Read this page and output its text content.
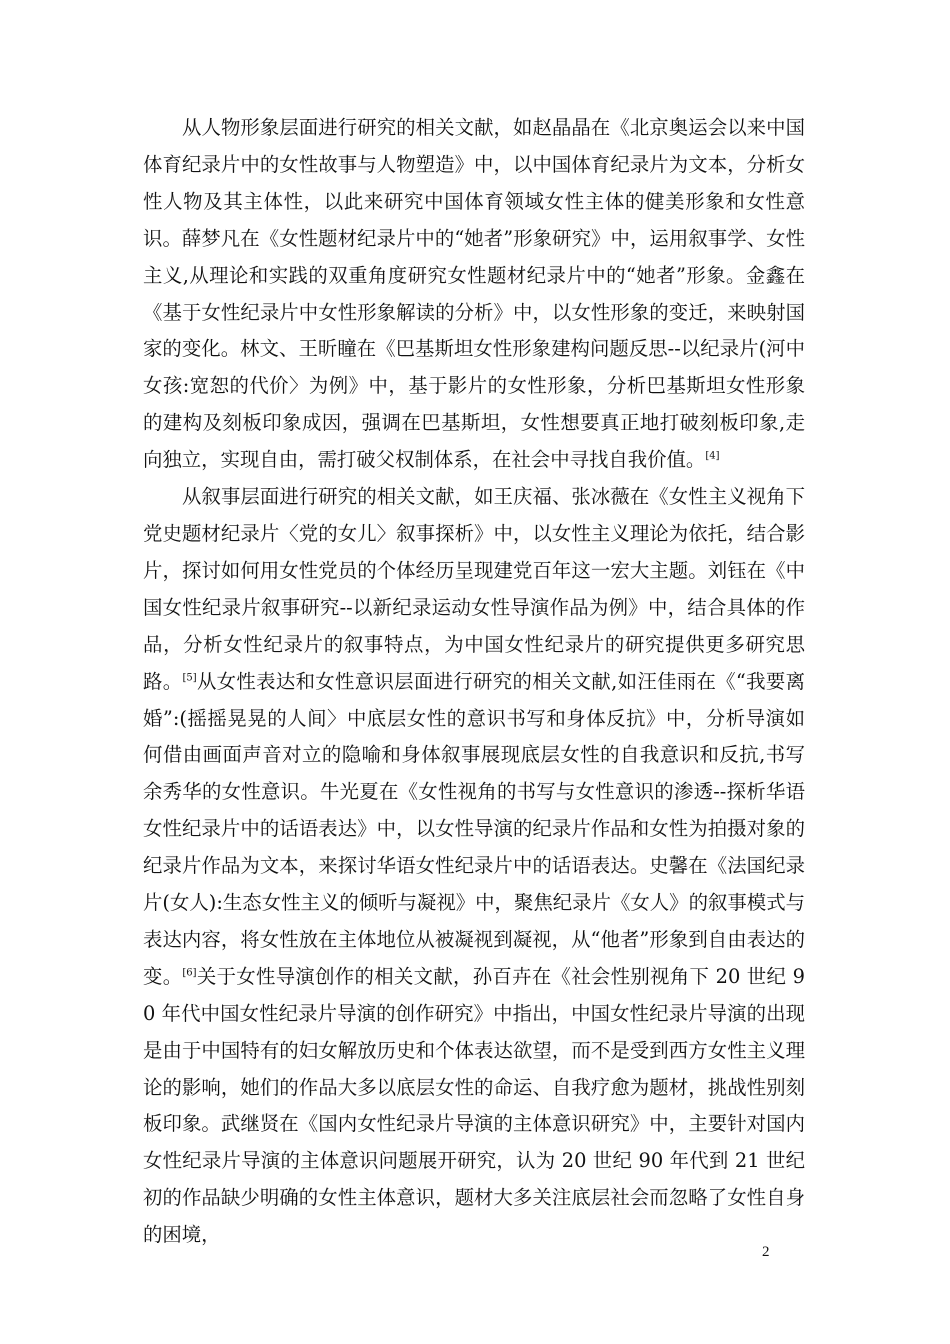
从人物形象层面进行研究的相关文献，如赵晶晶在《北京奥运会以来中国体育纪录片中的女性故事与人物塑造》中，以中国体育纪录片为文本，分析女性人物及其主体性，以此来研究中国体育领域女性主体的健美形象和女性意识。薛梦凡在《女性题材纪录片中的“她者”形象研究》中，运用叙事学、女性主义,从理论和实践的双重角度研究女性题材纪录片中的“她者”形象。金鑫在《基于女性纪录片中女性形象解读的分析》中，以女性形象的变迁，来映射国家的变化。林文、王昕瞳在《巴基斯坦女性形象建构问题反思--以纪录片(河中女孩:宽恕的代价〉为例》中，基于影片的女性形象，分析巴基斯坦女性形象的建构及刻板印象成因，强调在巴基斯坦，女性想要真正地打破刻板印象,走向独立，实现自由，需打破父权制体系，在社会中寻找自我价值。[4]

从叙事层面进行研究的相关文献，如王庆福、张冰薇在《女性主义视角下党史题材纪录片〈党的女儿〉叙事探析》中，以女性主义理论为依托，结合影片，探讨如何用女性党员的个体经历呈现建党百年这一宏大主题。刘钰在《中国女性纪录片叙事研究--以新纪录运动女性导演作品为例》中，结合具体的作品，分析女性纪录片的叙事特点，为中国女性纪录片的研究提供更多研究思路。[5]从女性表达和女性意识层面进行研究的相关文献,如汪佳雨在《“我要离婚”:(摇摇晃晃的人间〉中底层女性的意识书写和身体反抗》中，分析导演如何借由画面声音对立的隐喻和身体叙事展现底层女性的自我意识和反抗,书写余秀华的女性意识。牛光夏在《女性视角的书写与女性意识的渗透--探析华语女性纪录片中的话语表达》中，以女性导演的纪录片作品和女性为拍摄对象的纪录片作品为文本，来探讨华语女性纪录片中的话语表达。史馨在《法国纪录片(女人):生态女性主义的倾听与凝视》中，聚焦纪录片《女人》的叙事模式与表达内容，将女性放在主体地位从被凝视到凝视，从“他者”形象到自由表达的变。[6]关于女性导演创作的相关文献，孙百卉在《社会性别视角下 20 世纪 90 年代中国女性纪录片导演的创作研究》中指出，中国女性纪录片导演的出现是由于中国特有的妇女解放历史和个体表达欲望，而不是受到西方女性主义理论的影响，她们的作品大多以底层女性的命运、自我疗愈为题材，挑战性别刻板印象。武继贤在《国内女性纪录片导演的主体意识研究》中，主要针对国内女性纪录片导演的主体意识问题展开研究，认为 20 世纪 90 年代到 21 世纪初的作品缺少明确的女性主体意识，题材大多关注底层社会而忽略了女性自身的困境，

2
